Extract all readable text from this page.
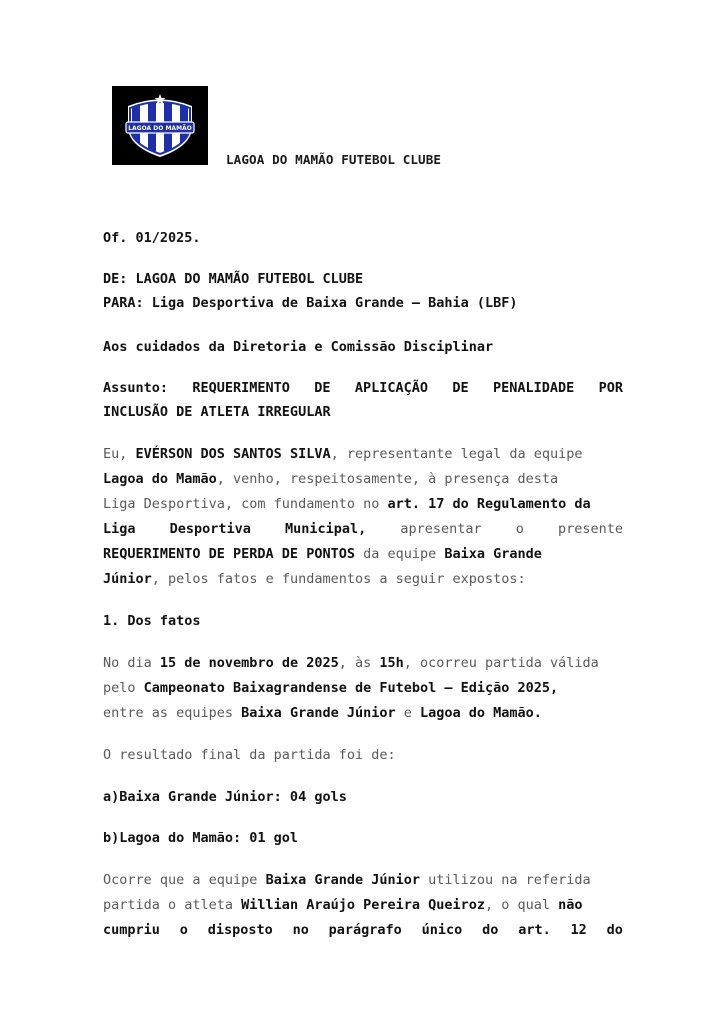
LAGOA DO MAMÃO
LAGOA DO MAMÃO FUTEBOL CLUBE
Of. 01/2025.
DE: LAGOA DO MAMÃO FUTEBOL CLUBE
PARA: Liga Desportiva de Baixa Grande – Bahia (LBF)
Aos cuidados da Diretoria e Comissão Disciplinar
Assunto: REQUERIMENTO DE APLICAÇÃO DE PENALIDADE POR
INCLUSÃO DE ATLETA IRREGULAR
Eu, EVÉRSON DOS SANTOS SILVA, representante legal da equipe
Lagoa do Mamão, venho, respeitosamente, à presença desta
Liga Desportiva, com fundamento no art. 17 do Regulamento da
Liga	Desportiva	Municipal,	apresentar	o	presente
REQUERIMENTO DE PERDA DE PONTOS da equipe Baixa Grande
Júnior, pelos fatos e fundamentos a seguir expostos:
1. Dos fatos
No dia 15 de novembro de 2025, às 15h, ocorreu partida válida
pelo Campeonato Baixagrandense de Futebol – Edição 2025,
entre as equipes Baixa Grande Júnior e Lagoa do Mamão.
O resultado final da partida foi de:
a)Baixa Grande Júnior: 04 gols
b)Lagoa do Mamão: 01 gol
Ocorre que a equipe Baixa Grande Júnior utilizou na referida
partida o atleta Willian Araújo Pereira Queiroz, o qual não
cumpriu o disposto no parágrafo único do art. 12 do
